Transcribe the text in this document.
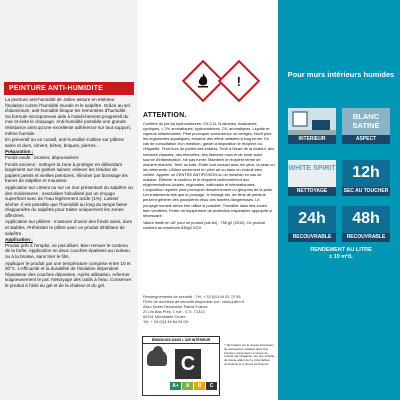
PEINTURE ANTI-HUMIDITE

La peinture anti-humidité de Julien assure en intérieur l'isolation contre l'humidité murale et le salpêtre. Grâce au sel d'aluminium, anti-humidité bloque les remontées d'humidité. Sa formule microporeuse aide à l'assèchement progressif du mur et évite le cloquage. Anti-humidité possède une grande résistance ainsi qu'une excellente adhérence sur tout support, même humide.

En préventif ou en curatif, anti-humidité s'utilise sur plâtres sains et durs, ciment, béton, briques, pierres...

Préparation :

Fonds neufs : brosser, dépoussiérer.

Fonds anciens : nettoyer la zone à protéger en débordant largement sur les parties saines; enlever les résidus de papiers peints et vieilles peintures, éliminer par brossage les traces de salpêtre et mousses.

Application sur ciment ou sur un mur présentant du salpêtre ou des moisissures : neutraliser l'alcalinité par un rinçage superficiel avec de l'eau légèrement acide (1%). Laisser sécher. Il est possible que l'humidité au long du temps fasse réapparaître du salpêtre pour traiter uniquement les zones affectées.

Application sur plâtres : s'assurer d'avoir des fonds sains, durs et stables. Préhésiter le plâtre avec un produit inhibiteur de salpêtre.

Application :

Produit prêt à l'emploi, ne pas diluer. Bien remuer le contenu de la boîte. Application en deux couches épaisses au rouleau ou à la brosse, sans tirer le film.

Appliquer le produit par une température comprise entre 10 et 30°C. L'efficacité et la durabilité de l'isolation dépendent l'épaisseur des couches déposées. Après utilisation, refermer soigneusement le pot. Nettoyage des outils à l'eau. Conserver le produit à l'abri du gel et de la chaleur et du gel.

!
ATTENTION.

Contient du (de la) hydrocarbures, C9-C11, N-alcanes, isoalcanes, cycliques, < 2% aromatiques; hydrocarbures, C9, aromatiques. Liquide et vapeurs inflammables. Peut provoquer somnolence ou vertiges. Nocif pour les organismes aquatiques, entraîne des effets néfastes à long terme. En cas de consultation d'un médecin, garder à disposition le récipient ou l'étiquette. Tenir hors de portée des enfants. Tenir à l'écart de la chaleur, des surfaces chaudes, des étincelles, des flammes nues et de toute autre source d'inflammation. Ne pas fumer. Maintenir le récipient fermé de manière étanche. Tenir au frais. Éviter tout contact avec les yeux, la peau ou les vêtements. Utiliser seulement en plein air ou dans un endroit bien ventilé. Appeler un CENTRE ANTIPOISON ou un médecin en cas de malaise. Éliminer le contenu et le récipient conformément aux réglementations locales, régionales, nationales et internationales. L'exposition répétée peut provoquer dessèchement ou gerçures de la peau. Les traitements tels que le ponçage, le brûlage etc. de films de peinture peuvent générer des poussières et/ou des fumées dangereuses. Le ponçage humide devra être utilisé si possible. Travailler dans des zones bien ventilées. Porter un équipement de protection respiratoire approprié si nécessaire.

Valeur limite en UE pour ce produit (cat A/i) : 750 g/l (2010). Ce produit contient au maximum 540g/l COV.

Renseignements de sécurité : Tél. + 33 (0)3 44 51 70 59

Fiche de données de sécurité disponible sur : www.julien.fr

Akzo Nobel Decorative Paints France

ZI Les Bas Prés, 1 rue - C.S. 71313

60761 Montataire Cedex

Tél. + 33 (0)3 44 64 94 00

ÉMISSIONS DANS L'AIR INTÉRIEUR
C
A+	A	B	C
* Information sur le niveau d'émission de substances volatiles dans l'air intérieur, présentant un risque de toxicité par inhalation, sur une échelle de classe allant de A+ (très faibles émissions) à C (fortes émissions).
Pour murs intérieurs humides
INTERIEUR
BLANC SATINÉ
ASPECT
WHITE SPIRIT
NETTOYAGE
12h
SEC AU TOUCHER
24h
RECOUVRABLE
48h
RECOUVRABLE
RENDEMENT AU LITRE
± 10 m²/L
